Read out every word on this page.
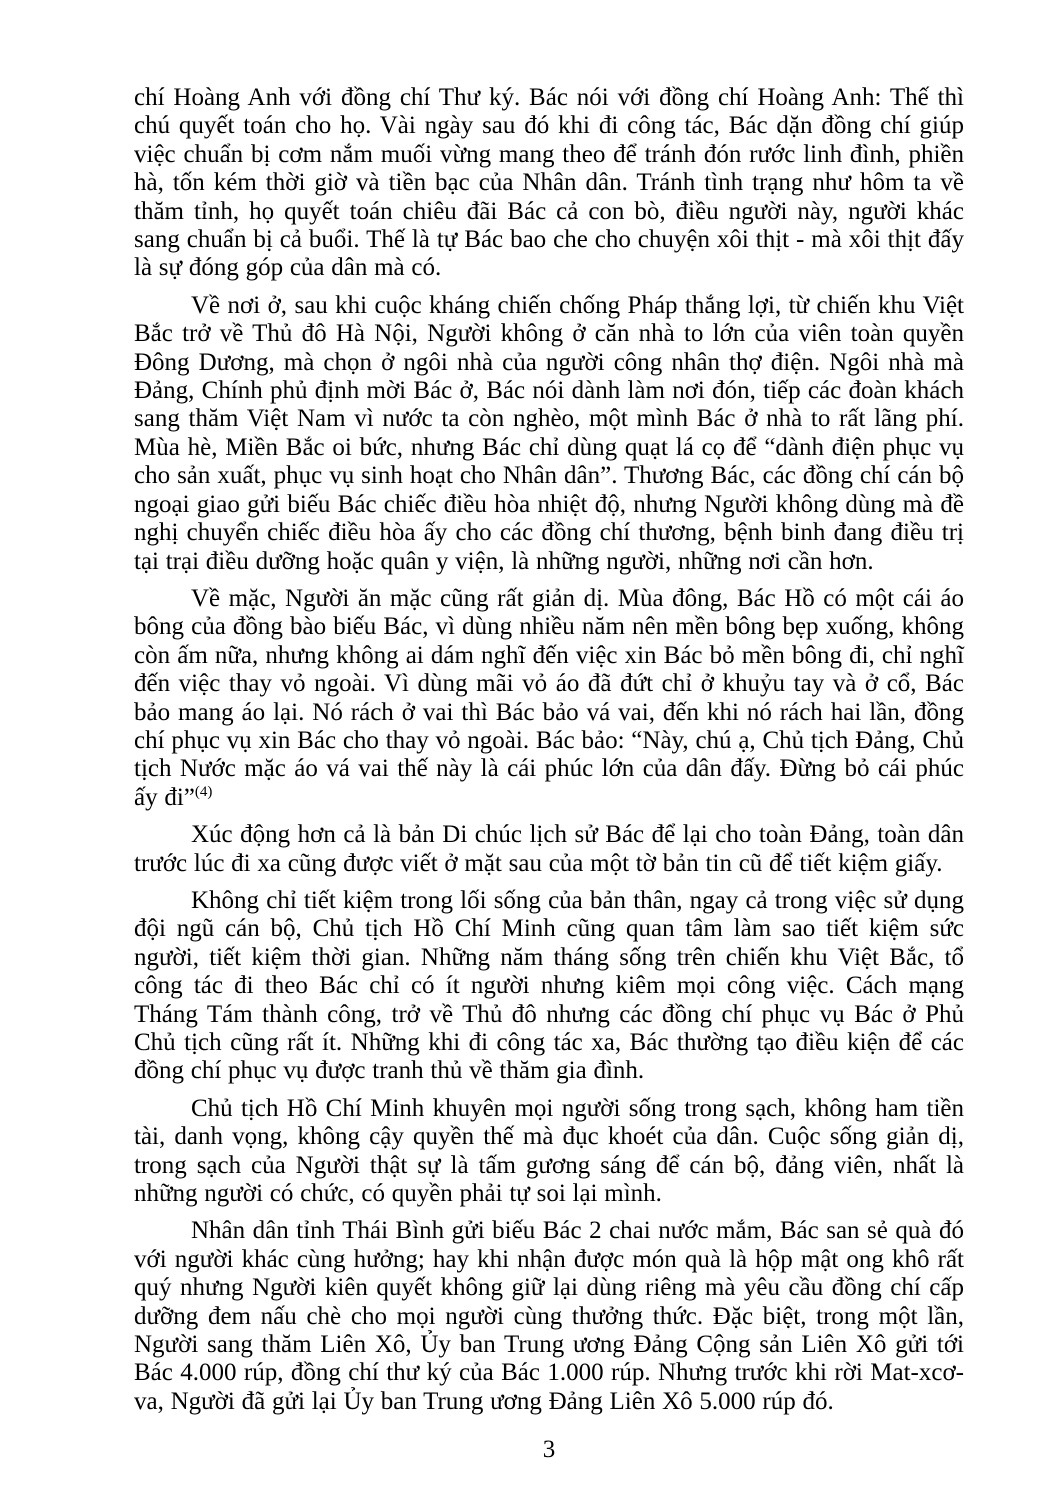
chí Hoàng Anh với đồng chí Thư ký. Bác nói với đồng chí Hoàng Anh: Thế thì chú quyết toán cho họ. Vài ngày sau đó khi đi công tác, Bác dặn đồng chí giúp việc chuẩn bị cơm nắm muối vừng mang theo để tránh đón rước linh đình, phiền hà, tốn kém thời giờ và tiền bạc của Nhân dân. Tránh tình trạng như hôm ta về thăm tỉnh, họ quyết toán chiêu đãi Bác cả con bò, điều người này, người khác sang chuẩn bị cả buổi. Thế là tự Bác bao che cho chuyện xôi thịt - mà xôi thịt đấy là sự đóng góp của dân mà có.

Về nơi ở, sau khi cuộc kháng chiến chống Pháp thắng lợi, từ chiến khu Việt Bắc trở về Thủ đô Hà Nội, Người không ở căn nhà to lớn của viên toàn quyền Đông Dương, mà chọn ở ngôi nhà của người công nhân thợ điện. Ngôi nhà mà Đảng, Chính phủ định mời Bác ở, Bác nói dành làm nơi đón, tiếp các đoàn khách sang thăm Việt Nam vì nước ta còn nghèo, một mình Bác ở nhà to rất lãng phí. Mùa hè, Miền Bắc oi bức, nhưng Bác chỉ dùng quạt lá cọ để “dành điện phục vụ cho sản xuất, phục vụ sinh hoạt cho Nhân dân”. Thương Bác, các đồng chí cán bộ ngoại giao gửi biếu Bác chiếc điều hòa nhiệt độ, nhưng Người không dùng mà đề nghị chuyển chiếc điều hòa ấy cho các đồng chí thương, bệnh binh đang điều trị tại trại điều dưỡng hoặc quân y viện, là những người, những nơi cần hơn.

Về mặc, Người ăn mặc cũng rất giản dị. Mùa đông, Bác Hồ có một cái áo bông của đồng bào biếu Bác, vì dùng nhiều năm nên mền bông bẹp xuống, không còn ấm nữa, nhưng không ai dám nghĩ đến việc xin Bác bỏ mền bông đi, chỉ nghĩ đến việc thay vỏ ngoài. Vì dùng mãi vỏ áo đã đứt chỉ ở khuỷu tay và ở cổ, Bác bảo mang áo lại. Nó rách ở vai thì Bác bảo vá vai, đến khi nó rách hai lần, đồng chí phục vụ xin Bác cho thay vỏ ngoài. Bác bảo: “Này, chú ạ, Chủ tịch Đảng, Chủ tịch Nước mặc áo vá vai thế này là cái phúc lớn của dân đấy. Đừng bỏ cái phúc ấy đi”$^{(4)}$

Xúc động hơn cả là bản Di chúc lịch sử Bác để lại cho toàn Đảng, toàn dân trước lúc đi xa cũng được viết ở mặt sau của một tờ bản tin cũ để tiết kiệm giấy.

Không chỉ tiết kiệm trong lối sống của bản thân, ngay cả trong việc sử dụng đội ngũ cán bộ, Chủ tịch Hồ Chí Minh cũng quan tâm làm sao tiết kiệm sức người, tiết kiệm thời gian. Những năm tháng sống trên chiến khu Việt Bắc, tổ công tác đi theo Bác chỉ có ít người nhưng kiêm mọi công việc. Cách mạng Tháng Tám thành công, trở về Thủ đô nhưng các đồng chí phục vụ Bác ở Phủ Chủ tịch cũng rất ít. Những khi đi công tác xa, Bác thường tạo điều kiện để các đồng chí phục vụ được tranh thủ về thăm gia đình.

Chủ tịch Hồ Chí Minh khuyên mọi người sống trong sạch, không ham tiền tài, danh vọng, không cậy quyền thế mà đục khoét của dân. Cuộc sống giản dị, trong sạch của Người thật sự là tấm gương sáng để cán bộ, đảng viên, nhất là những người có chức, có quyền phải tự soi lại mình.

Nhân dân tỉnh Thái Bình gửi biếu Bác 2 chai nước mắm, Bác san sẻ quà đó với người khác cùng hưởng; hay khi nhận được món quà là hộp mật ong khô rất quý nhưng Người kiên quyết không giữ lại dùng riêng mà yêu cầu đồng chí cấp dưỡng đem nấu chè cho mọi người cùng thưởng thức. Đặc biệt, trong một lần, Người sang thăm Liên Xô, Ủy ban Trung ương Đảng Cộng sản Liên Xô gửi tới Bác 4.000 rúp, đồng chí thư ký của Bác 1.000 rúp. Nhưng trước khi rời Mat-xcơ-va, Người đã gửi lại Ủy ban Trung ương Đảng Liên Xô 5.000 rúp đó.

3
